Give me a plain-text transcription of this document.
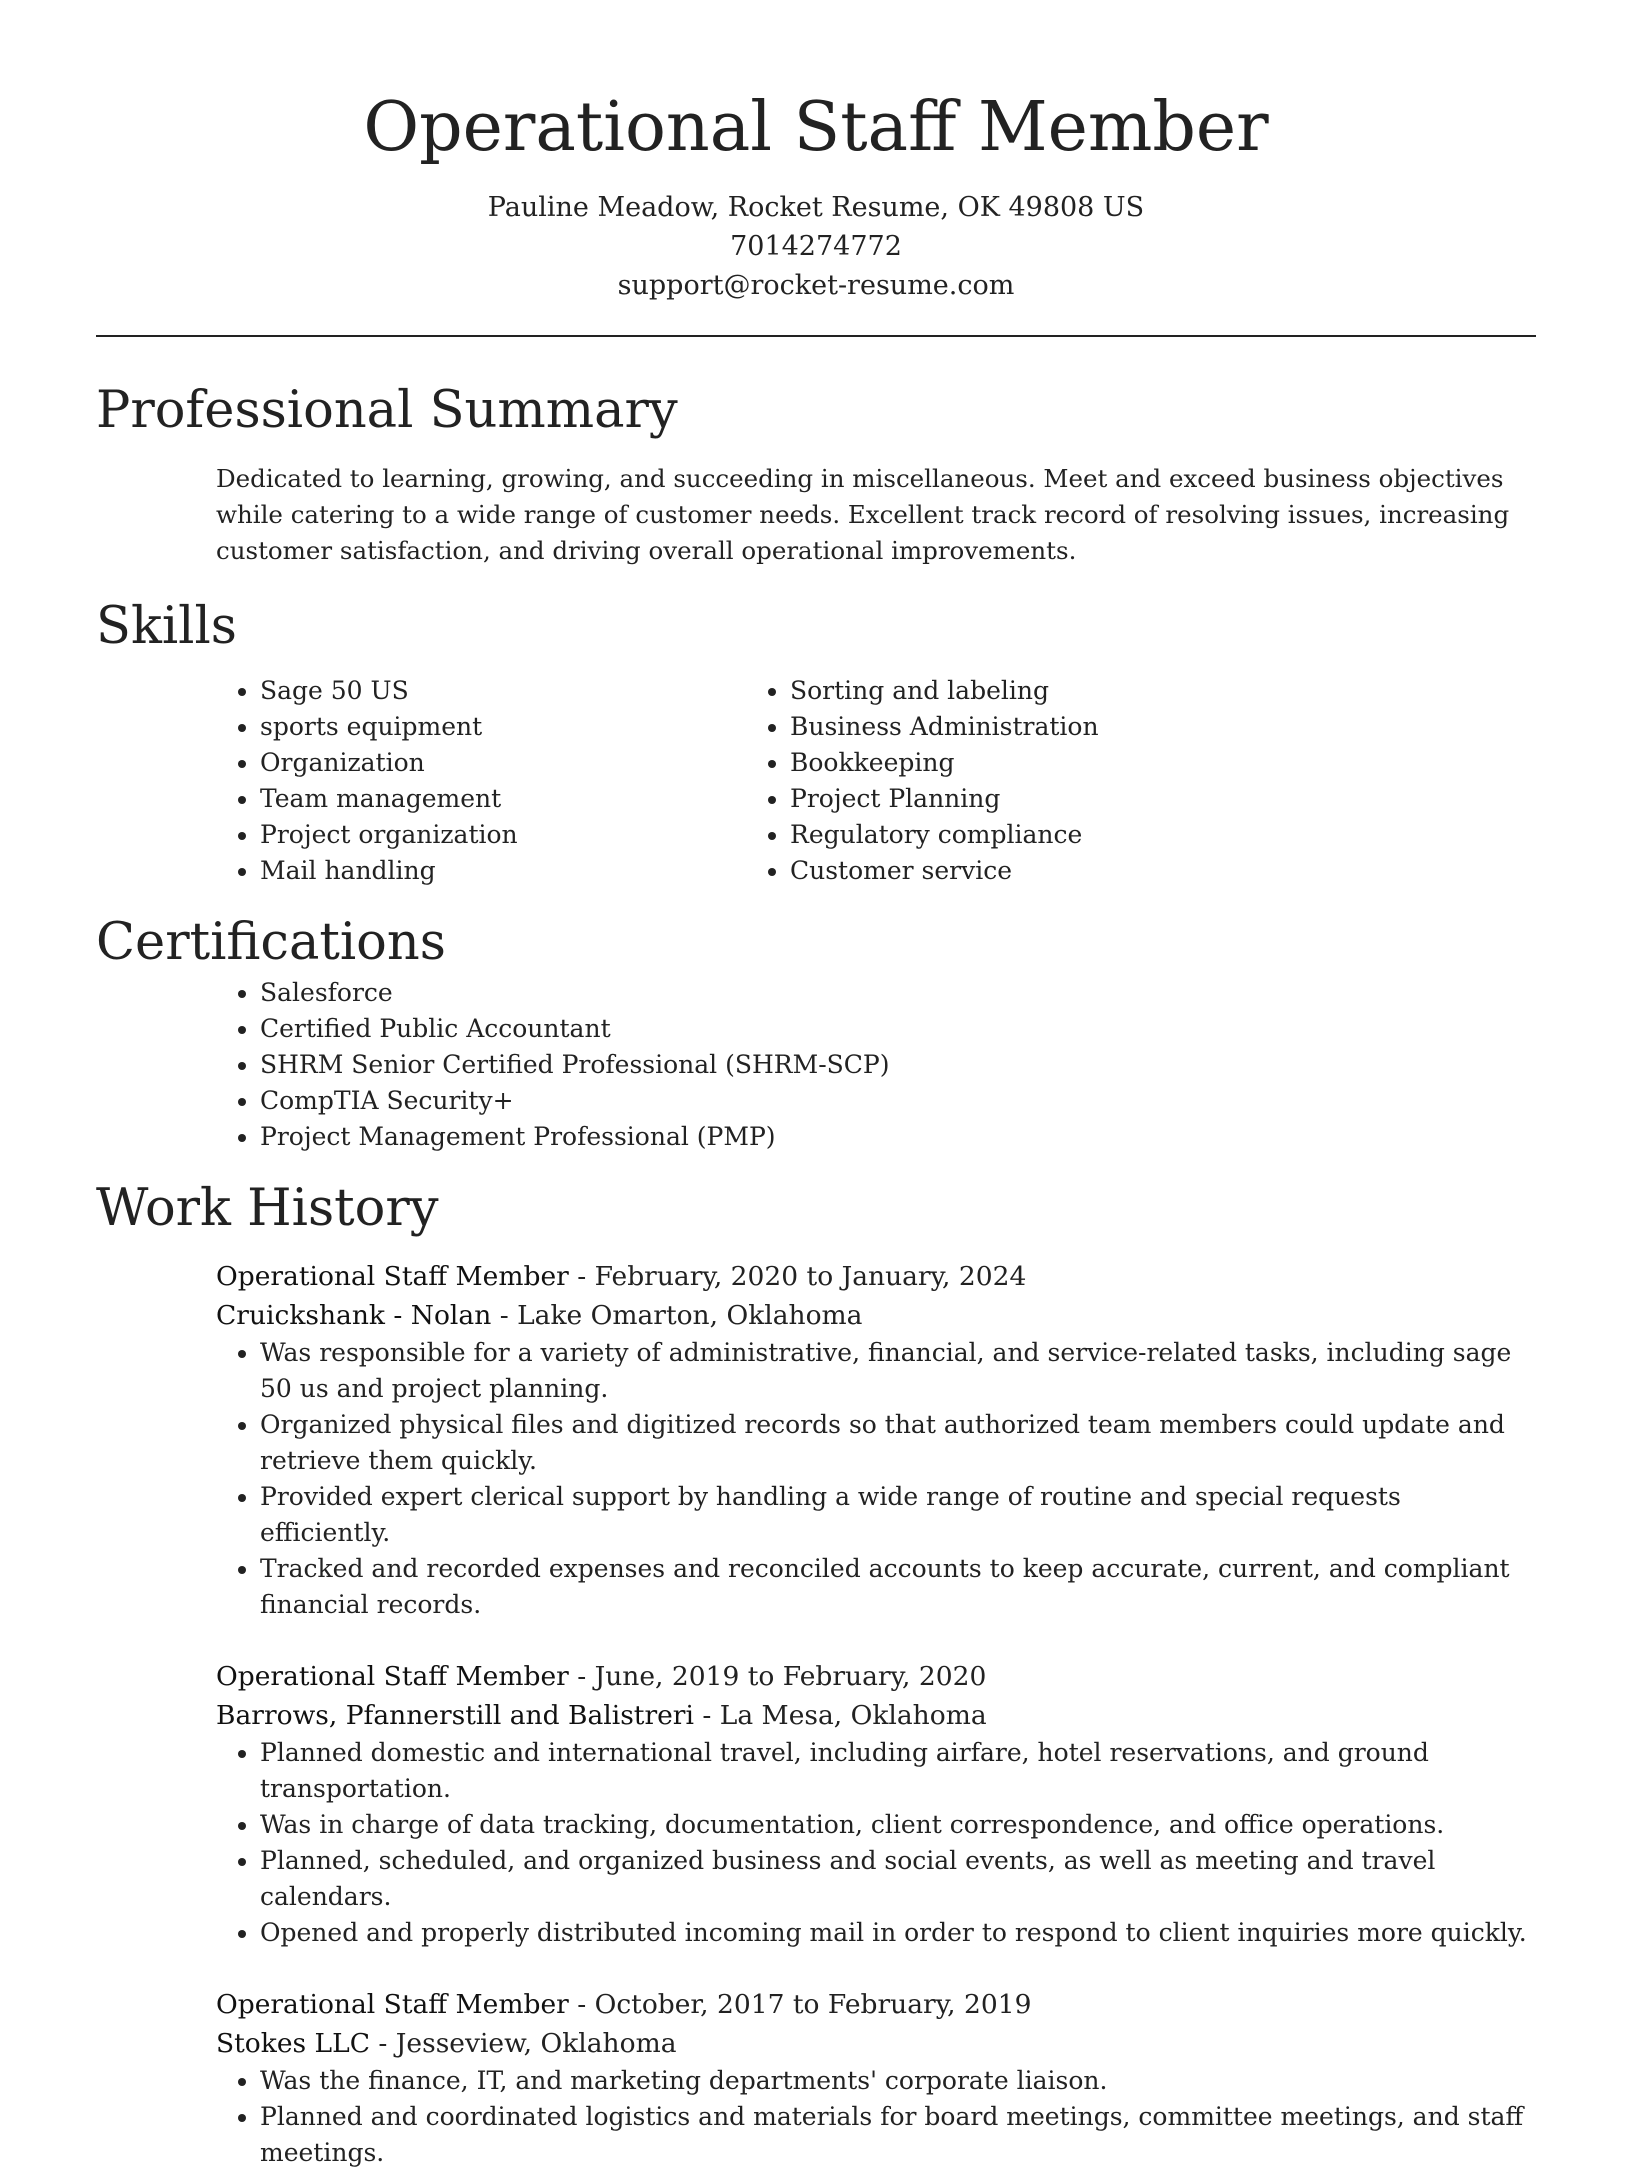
Operational Staff Member
Pauline Meadow, Rocket Resume, OK 49808 US
7014274772
support@rocket-resume.com
Professional Summary

Dedicated to learning, growing, and succeeding in miscellaneous. Meet and exceed business objectives while catering to a wide range of customer needs. Excellent track record of resolving issues, increasing customer satisfaction, and driving overall operational improvements.

Skills
• Sage 50 US
• sports equipment
• Organization
• Team management
• Project organization
• Mail handling
• Sorting and labeling
• Business Administration
• Bookkeeping
• Project Planning
• Regulatory compliance
• Customer service
Certifications
• Salesforce
• Certified Public Accountant
• SHRM Senior Certified Professional (SHRM-SCP)
• CompTIA Security+
• Project Management Professional (PMP)
Work History
Operational Staff Member - February, 2020 to January, 2024
Cruickshank - Nolan - Lake Omarton, Oklahoma
• Was responsible for a variety of administrative, financial, and service-related tasks, including sage 50 us and project planning.
• Organized physical files and digitized records so that authorized team members could update and retrieve them quickly.
• Provided expert clerical support by handling a wide range of routine and special requests efficiently.
• Tracked and recorded expenses and reconciled accounts to keep accurate, current, and compliant financial records.
Operational Staff Member - June, 2019 to February, 2020
Barrows, Pfannerstill and Balistreri - La Mesa, Oklahoma
• Planned domestic and international travel, including airfare, hotel reservations, and ground transportation.
• Was in charge of data tracking, documentation, client correspondence, and office operations.
• Planned, scheduled, and organized business and social events, as well as meeting and travel calendars.
• Opened and properly distributed incoming mail in order to respond to client inquiries more quickly.
Operational Staff Member - October, 2017 to February, 2019
Stokes LLC - Jesseview, Oklahoma
• Was the finance, IT, and marketing departments' corporate liaison.
• Planned and coordinated logistics and materials for board meetings, committee meetings, and staff meetings.
